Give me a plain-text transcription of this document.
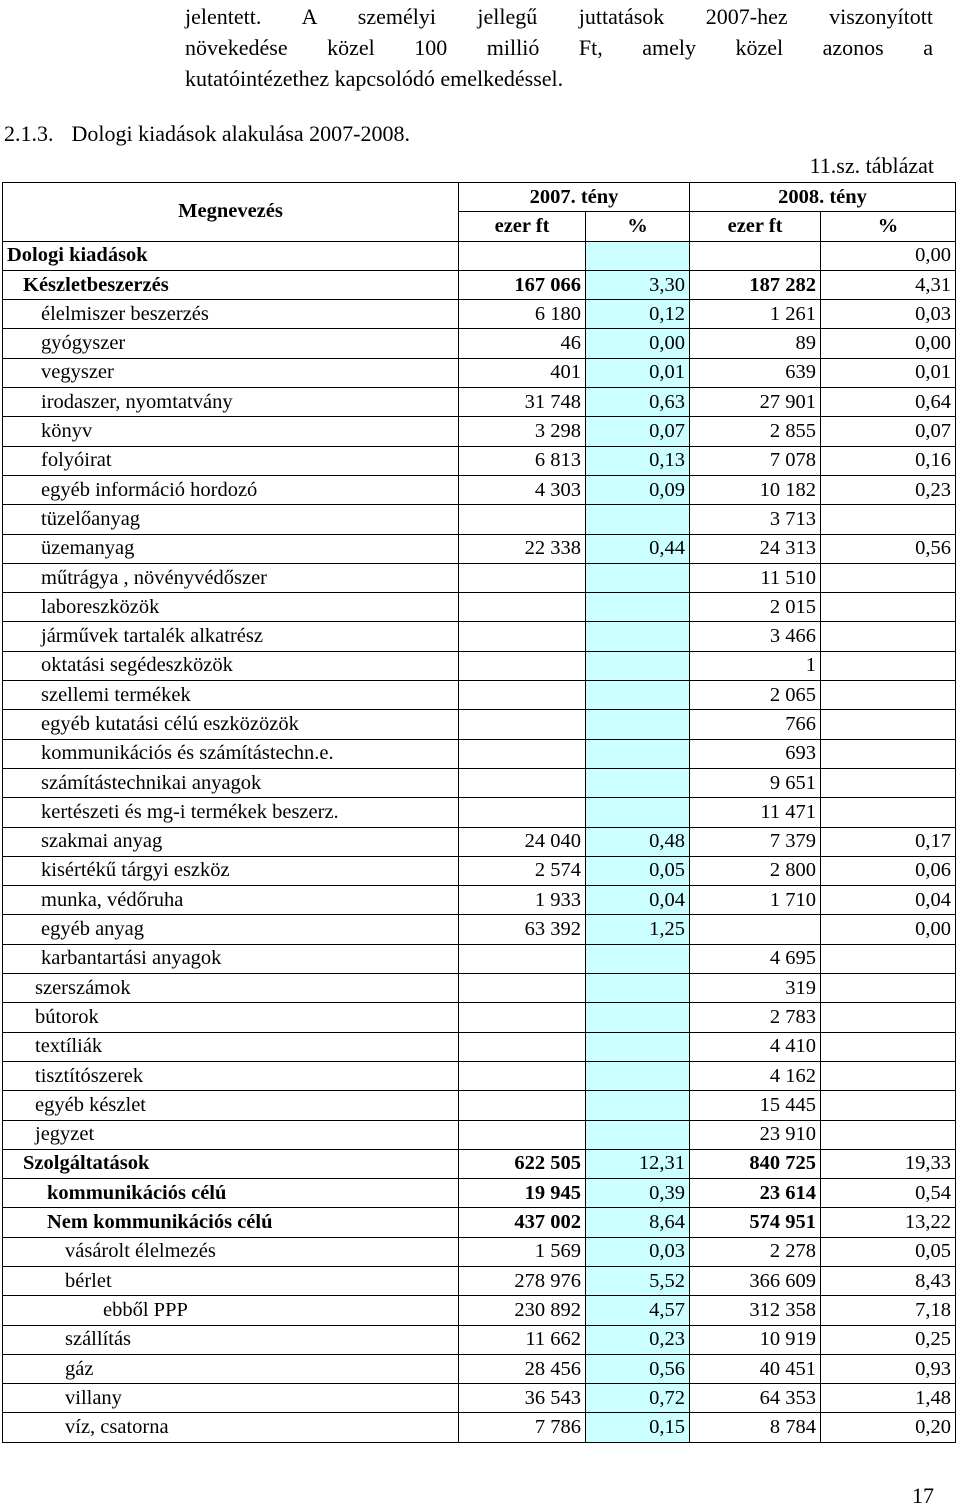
jelentett. A személyi jellegű juttatások 2007-hez viszonyított
növekedése közel 100 millió Ft, amely közel azonos a
kutatóintézethez kapcsolódó emelkedéssel.
2.1.3. Dologi kiadások alakulása 2007-2008.
11.sz. táblázat
Megnevezés	2007. tény		2008. tény	
	ezer ft	%	ezer ft	%
Dologi kiadások				0,00
Készletbeszerzés	167 066	3,30	187 282	4,31
élelmiszer beszerzés	6 180	0,12	1 261	0,03
gyógyszer	46	0,00	89	0,00
vegyszer	401	0,01	639	0,01
irodaszer, nyomtatvány	31 748	0,63	27 901	0,64
könyv	3 298	0,07	2 855	0,07
folyóirat	6 813	0,13	7 078	0,16
egyéb információ hordozó	4 303	0,09	10 182	0,23
tüzelőanyag			3 713	
üzemanyag	22 338	0,44	24 313	0,56
műtrágya , növényvédőszer			11 510	
laboreszközök			2 015	
járművek tartalék alkatrész			3 466	
oktatási segédeszközök			1	
szellemi termékek			2 065	
egyéb kutatási célú eszközözök			766	
kommunikációs és számítástechn.e.			693	
számítástechnikai anyagok			9 651	
kertészeti és mg-i termékek beszerz.			11 471	
szakmai anyag	24 040	0,48	7 379	0,17
kisértékű tárgyi eszköz	2 574	0,05	2 800	0,06
munka, védőruha	1 933	0,04	1 710	0,04
egyéb anyag	63 392	1,25		0,00
karbantartási anyagok			4 695	
szerszámok			319	
bútorok			2 783	
textíliák			4 410	
tisztítószerek			4 162	
egyéb készlet			15 445	
jegyzet			23 910	
Szolgáltatások	622 505	12,31	840 725	19,33
kommunikációs célú	19 945	0,39	23 614	0,54
Nem kommunikációs célú	437 002	8,64	574 951	13,22
vásárolt élelmezés	1 569	0,03	2 278	0,05
bérlet	278 976	5,52	366 609	8,43
ebből PPP	230 892	4,57	312 358	7,18
szállítás	11 662	0,23	10 919	0,25
gáz	28 456	0,56	40 451	0,93
villany	36 543	0,72	64 353	1,48
víz, csatorna	7 786	0,15	8 784	0,20
17
